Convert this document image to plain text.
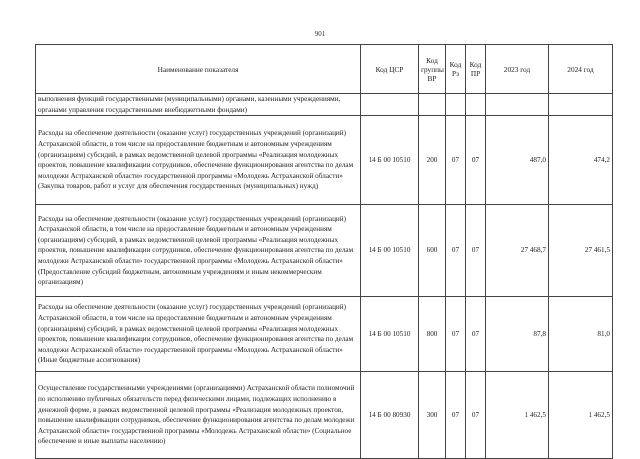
901
Наименование показателя	Код ЦСР	Код группы ВР	Код Рз	Код ПР	2023 год	2024 год
выполнения функций государственными (муниципальными) органами, казенными учреждениями, органами управления государственными внебюджетными фондами)						
Расходы на обеспечение деятельности (оказание услуг) государственных учреждений (организаций) Астраханской области, в том числе на предоставление бюджетным и автономным учреждениям (организациям) субсидий, в рамках ведомственной целевой программы «Реализация молодежных проектов, повышение квалификации сотрудников, обеспечение функционирования агентства по делам молодежи Астраханской области» государственной программы «Молодежь Астраханской области» (Закупка товаров, работ и услуг для обеспечения государственных (муниципальных) нужд)	14 Б 00 10510	200	07	07	487,0	474,2
Расходы на обеспечение деятельности (оказание услуг) государственных учреждений (организаций) Астраханской области, в том числе на предоставление бюджетным и автономным учреждениям (организациям) субсидий, в рамках ведомственной целевой программы «Реализация молодежных проектов, повышение квалификации сотрудников, обеспечение функционирования агентства по делам молодежи Астраханской области» государственной программы «Молодежь Астраханской области» (Предоставление субсидий бюджетным, автономным учреждениям и иным некоммерческим организациям)	14 Б 00 10510	600	07	07	27 468,7	27 461,5
Расходы на обеспечение деятельности (оказание услуг) государственных учреждений (организаций) Астраханской области, в том числе на предоставление бюджетным и автономным учреждениям (организациям) субсидий, в рамках ведомственной целевой программы «Реализация молодежных проектов, повышение квалификации сотрудников, обеспечение функционирования агентства по делам молодежи Астраханской области» государственной программы «Молодежь Астраханской области» (Иные бюджетные ассигнования)	14 Б 00 10510	800	07	07	87,8	81,0
Осуществление государственными учреждениями (организациями) Астраханской области полномочий по исполнению публичных обязательств перед физическими лицами, подлежащих исполнению в денежной форме, в рамках ведомственной целевой программы «Реализация молодежных проектов, повышение квалификации сотрудников, обеспечение функционирования агентства по делам молодежи Астраханской области» государственной программы «Молодежь Астраханской области» (Социальное обеспечение и иные выплаты населению)	14 Б 00 80930	300	07	07	1 462,5	1 462,5
